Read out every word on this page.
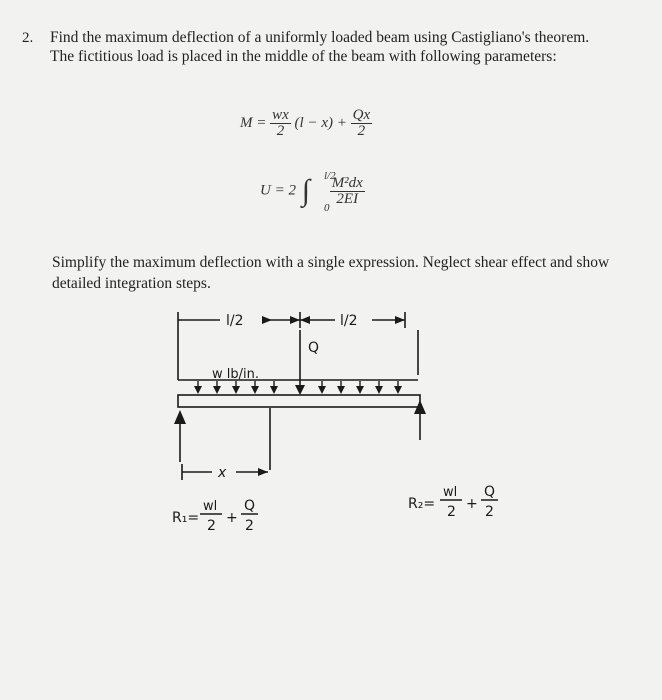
2. Find the maximum deflection of a uniformly loaded beam using Castigliano's theorem. The fictitious load is placed in the middle of the beam with following parameters:
$M = \frac{wx}{2} (l - x) + \frac{Qx}{2}$
U = 2 ∫ l/2
0
$\frac{\text{M²dx}}{2EI}$
Simplify the maximum deflection with a single expression. Neglect shear effect and show detailed integration steps.
l/2	l/2
Q
w lb/in.
x
R₁=
wl
2 +
Q
2
R₂=
wl
2 +
Q
2
